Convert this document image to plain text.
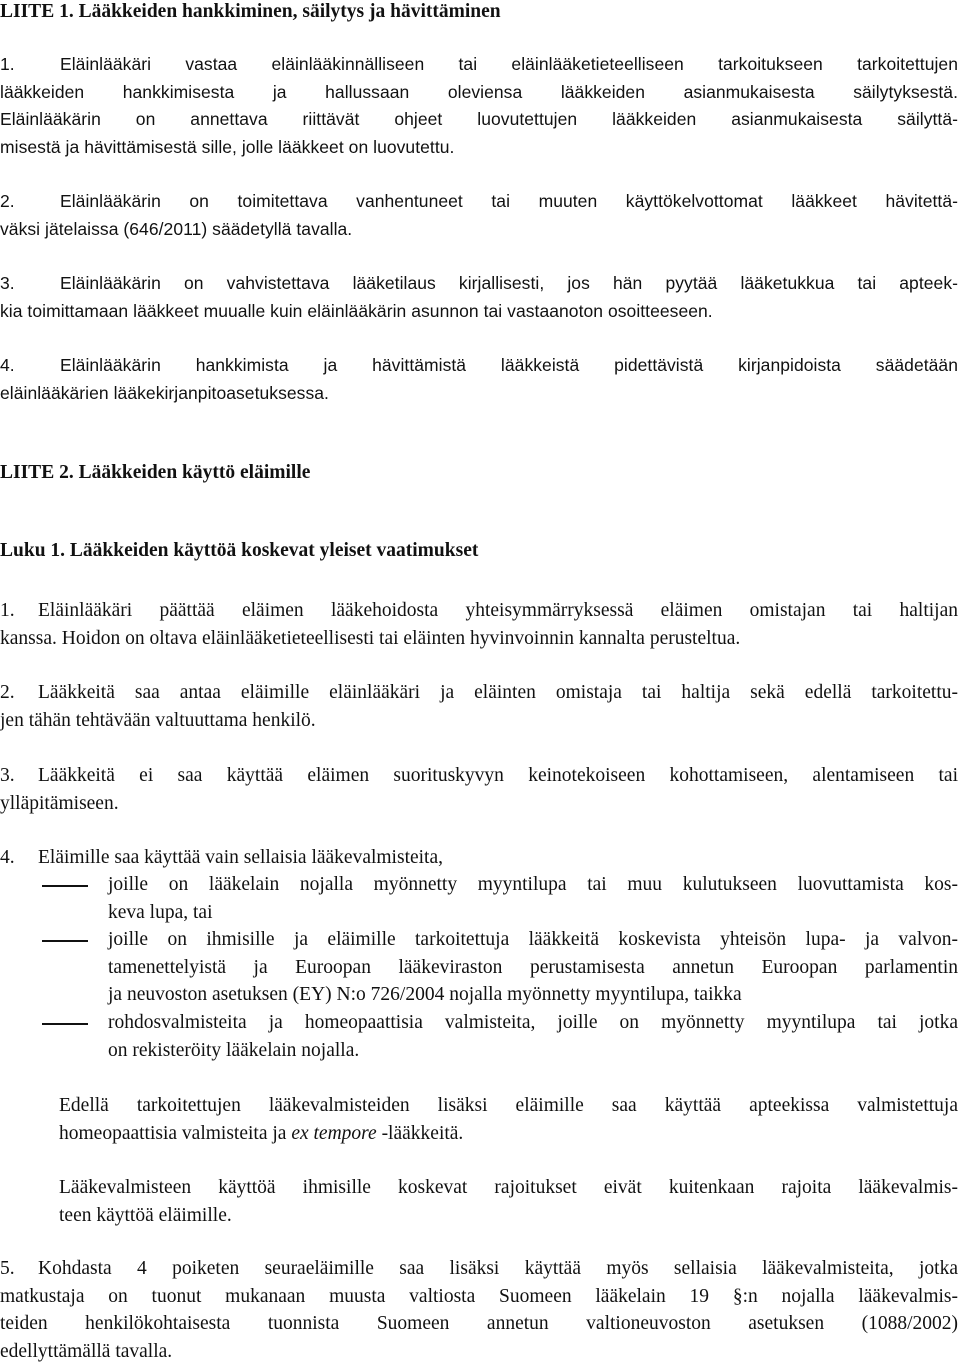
LIITE 1. Lääkkeiden hankkiminen, säilytys ja hävittäminen
1.	Eläinlääkäri vastaa eläinlääkinnälliseen tai eläinlääketieteelliseen tarkoitukseen tarkoitettujen
lääkkeiden hankkimisesta ja hallussaan oleviensa lääkkeiden asianmukaisesta säilytyksestä.
Eläinlääkärin on annettava riittävät ohjeet luovutettujen lääkkeiden asianmukaisesta säilyttä-
misestä ja hävittämisestä sille, jolle lääkkeet on luovutettu.
2.	Eläinlääkärin on toimitettava vanhentuneet tai muuten käyttökelvottomat lääkkeet hävitettä-
väksi jätelaissa (646/2011) säädetyllä tavalla.
3.	Eläinlääkärin on vahvistettava lääketilaus kirjallisesti, jos hän pyytää lääketukkua tai apteek-
kia toimittamaan lääkkeet muualle kuin eläinlääkärin asunnon tai vastaanoton osoitteeseen.
4.	Eläinlääkärin hankkimista ja hävittämistä lääkkeistä pidettävistä kirjanpidoista säädetään
eläinlääkärien lääkekirjanpitoasetuksessa.
LIITE 2. Lääkkeiden käyttö eläimille
Luku 1. Lääkkeiden käyttöä koskevat yleiset vaatimukset
1.	Eläinlääkäri päättää eläimen lääkehoidosta yhteisymmärryksessä eläimen omistajan tai haltijan
kanssa. Hoidon on oltava eläinlääketieteellisesti tai eläinten hyvinvoinnin kannalta perusteltua.
2.	Lääkkeitä saa antaa eläimille eläinlääkäri ja eläinten omistaja tai haltija sekä edellä tarkoitettu-
jen tähän tehtävään valtuuttama henkilö.
3.	Lääkkeitä ei saa käyttää eläimen suorituskyvyn keinotekoiseen kohottamiseen, alentamiseen tai
ylläpitämiseen.
4.	Eläimille saa käyttää vain sellaisia lääkevalmisteita,
joille on lääkelain nojalla myönnetty myyntilupa tai muu kulutukseen luovuttamista kos-
keva lupa, tai
joille on ihmisille ja eläimille tarkoitettuja lääkkeitä koskevista yhteisön lupa- ja valvon-
tamenettelyistä ja Euroopan lääkeviraston perustamisesta annetun Euroopan parlamentin
ja neuvoston asetuksen (EY) N:o 726/2004 nojalla myönnetty myyntilupa, taikka
rohdosvalmisteita ja homeopaattisia valmisteita, joille on myönnetty myyntilupa tai jotka
on rekisteröity lääkelain nojalla.
Edellä tarkoitettujen lääkevalmisteiden lisäksi eläimille saa käyttää apteekissa valmistettuja
homeopaattisia valmisteita ja ex tempore -lääkkeitä.
Lääkevalmisteen käyttöä ihmisille koskevat rajoitukset eivät kuitenkaan rajoita lääkevalmis-
teen käyttöä eläimille.
5.	Kohdasta 4 poiketen seuraeläimille saa lisäksi käyttää myös sellaisia lääkevalmisteita, jotka
matkustaja on tuonut mukanaan muusta valtiosta Suomeen lääkelain 19 §:n nojalla lääkevalmis-
teiden henkilökohtaisesta tuonnista Suomeen annetun valtioneuvoston asetuksen (1088/2002)
edellyttämällä tavalla.
